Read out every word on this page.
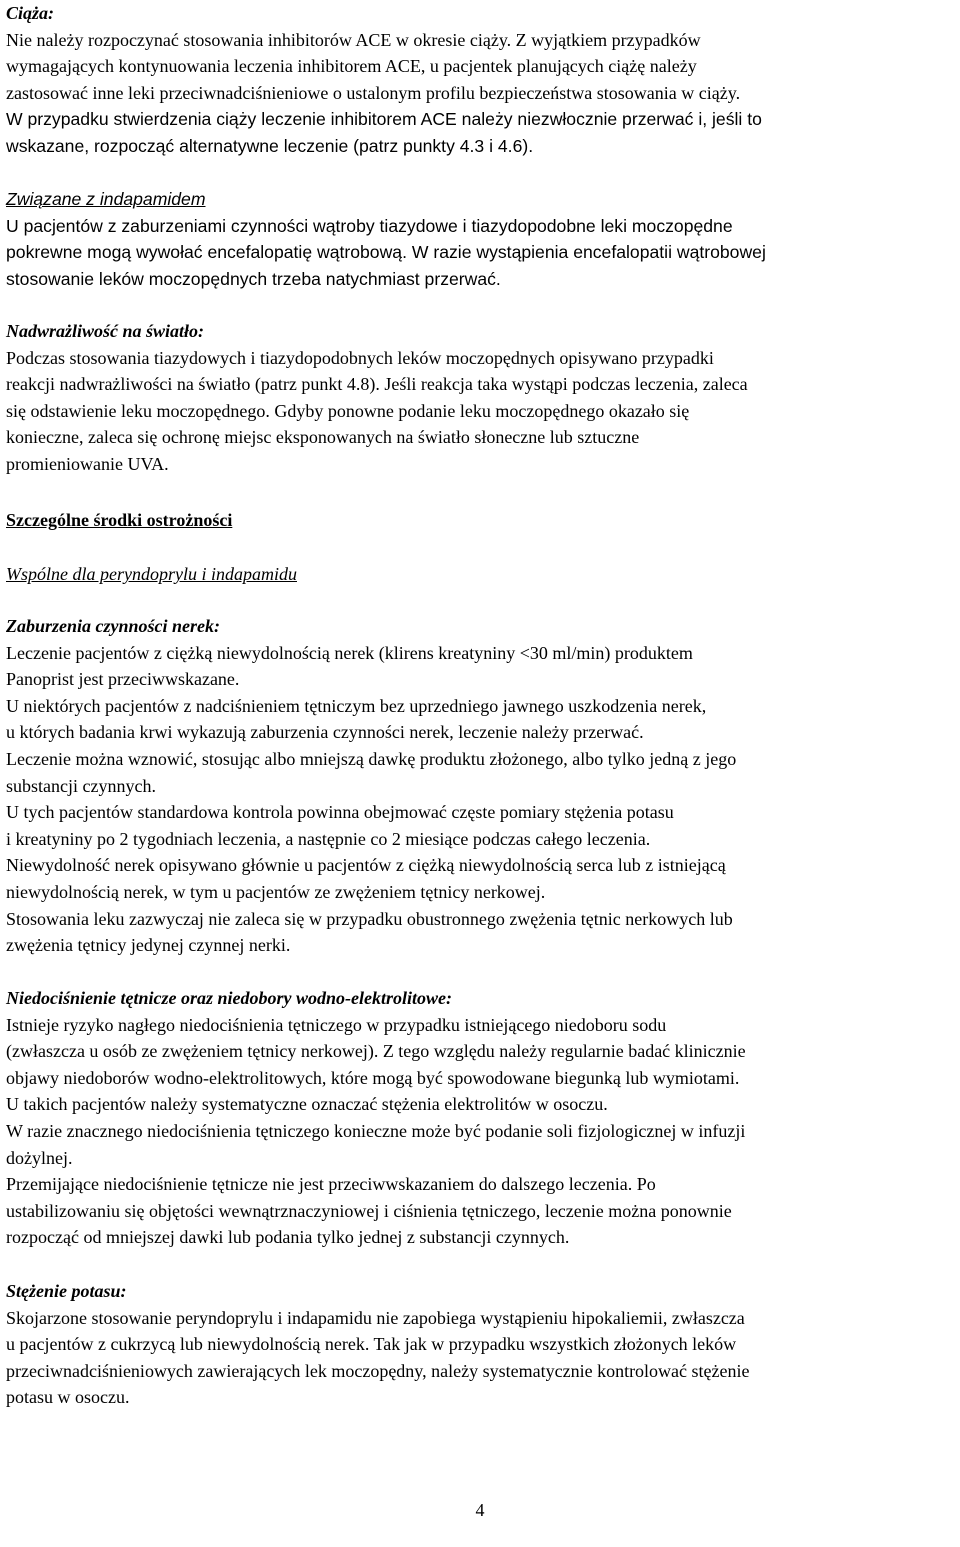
Ciąża:
Nie należy rozpoczynać stosowania inhibitorów ACE w okresie ciąży. Z wyjątkiem przypadków
wymagających kontynuowania leczenia inhibitorem ACE, u pacjentek planujących ciążę należy
zastosować inne leki przeciwnadciśnieniowe o ustalonym profilu bezpieczeństwa stosowania w ciąży.
W przypadku stwierdzenia ciąży leczenie inhibitorem ACE należy niezwłocznie przerwać i, jeśli to
wskazane, rozpocząć alternatywne leczenie (patrz punkty 4.3 i 4.6).
Związane z indapamidem
U pacjentów z zaburzeniami czynności wątroby tiazydowe i tiazydopodobne leki moczopędne
pokrewne mogą wywołać encefalopatię wątrobową. W razie wystąpienia encefalopatii wątrobowej
stosowanie leków moczopędnych trzeba natychmiast przerwać.
Nadwrażliwość na światło:
Podczas stosowania tiazydowych i tiazydopodobnych leków moczopędnych opisywano przypadki
reakcji nadwrażliwości na światło (patrz punkt 4.8). Jeśli reakcja taka wystąpi podczas leczenia, zaleca
się odstawienie leku moczopędnego. Gdyby ponowne podanie leku moczopędnego okazało się
konieczne, zaleca się ochronę miejsc eksponowanych na światło słoneczne lub sztuczne
promieniowanie UVA.
Szczególne środki ostrożności
Wspólne dla peryndoprylu i indapamidu
Zaburzenia czynności nerek:
Leczenie pacjentów z ciężką niewydolnością nerek (klirens kreatyniny <30 ml/min) produktem
Panoprist jest przeciwwskazane.
U niektórych pacjentów z nadciśnieniem tętniczym bez uprzedniego jawnego uszkodzenia nerek,
u których badania krwi wykazują zaburzenia czynności nerek, leczenie należy przerwać.
Leczenie można wznowić, stosując albo mniejszą dawkę produktu złożonego, albo tylko jedną z jego
substancji czynnych.
U tych pacjentów standardowa kontrola powinna obejmować częste pomiary stężenia potasu
i kreatyniny po 2 tygodniach leczenia, a następnie co 2 miesiące podczas całego leczenia.
Niewydolność nerek opisywano głównie u pacjentów z ciężką niewydolnością serca lub z istniejącą
niewydolnością nerek, w tym u pacjentów ze zwężeniem tętnicy nerkowej.
Stosowania leku zazwyczaj nie zaleca się w przypadku obustronnego zwężenia tętnic nerkowych lub
zwężenia tętnicy jedynej czynnej nerki.
Niedociśnienie tętnicze oraz niedobory wodno-elektrolitowe:
Istnieje ryzyko nagłego niedociśnienia tętniczego w przypadku istniejącego niedoboru sodu
(zwłaszcza u osób ze zwężeniem tętnicy nerkowej). Z tego względu należy regularnie badać klinicznie
objawy niedoborów wodno-elektrolitowych, które mogą być spowodowane biegunką lub wymiotami.
U takich pacjentów należy systematyczne oznaczać stężenia elektrolitów w osoczu.
W razie znacznego niedociśnienia tętniczego konieczne może być podanie soli fizjologicznej w infuzji
dożylnej.
Przemijające niedociśnienie tętnicze nie jest przeciwwskazaniem do dalszego leczenia. Po
ustabilizowaniu się objętości wewnątrznaczyniowej i ciśnienia tętniczego, leczenie można ponownie
rozpocząć od mniejszej dawki lub podania tylko jednej z substancji czynnych.
Stężenie potasu:
Skojarzone stosowanie peryndoprylu i indapamidu nie zapobiega wystąpieniu hipokaliemii, zwłaszcza
u pacjentów z cukrzycą lub niewydolnością nerek. Tak jak w przypadku wszystkich złożonych leków
przeciwnadciśnieniowych zawierających lek moczopędny, należy systematycznie kontrolować stężenie
potasu w osoczu.
4
